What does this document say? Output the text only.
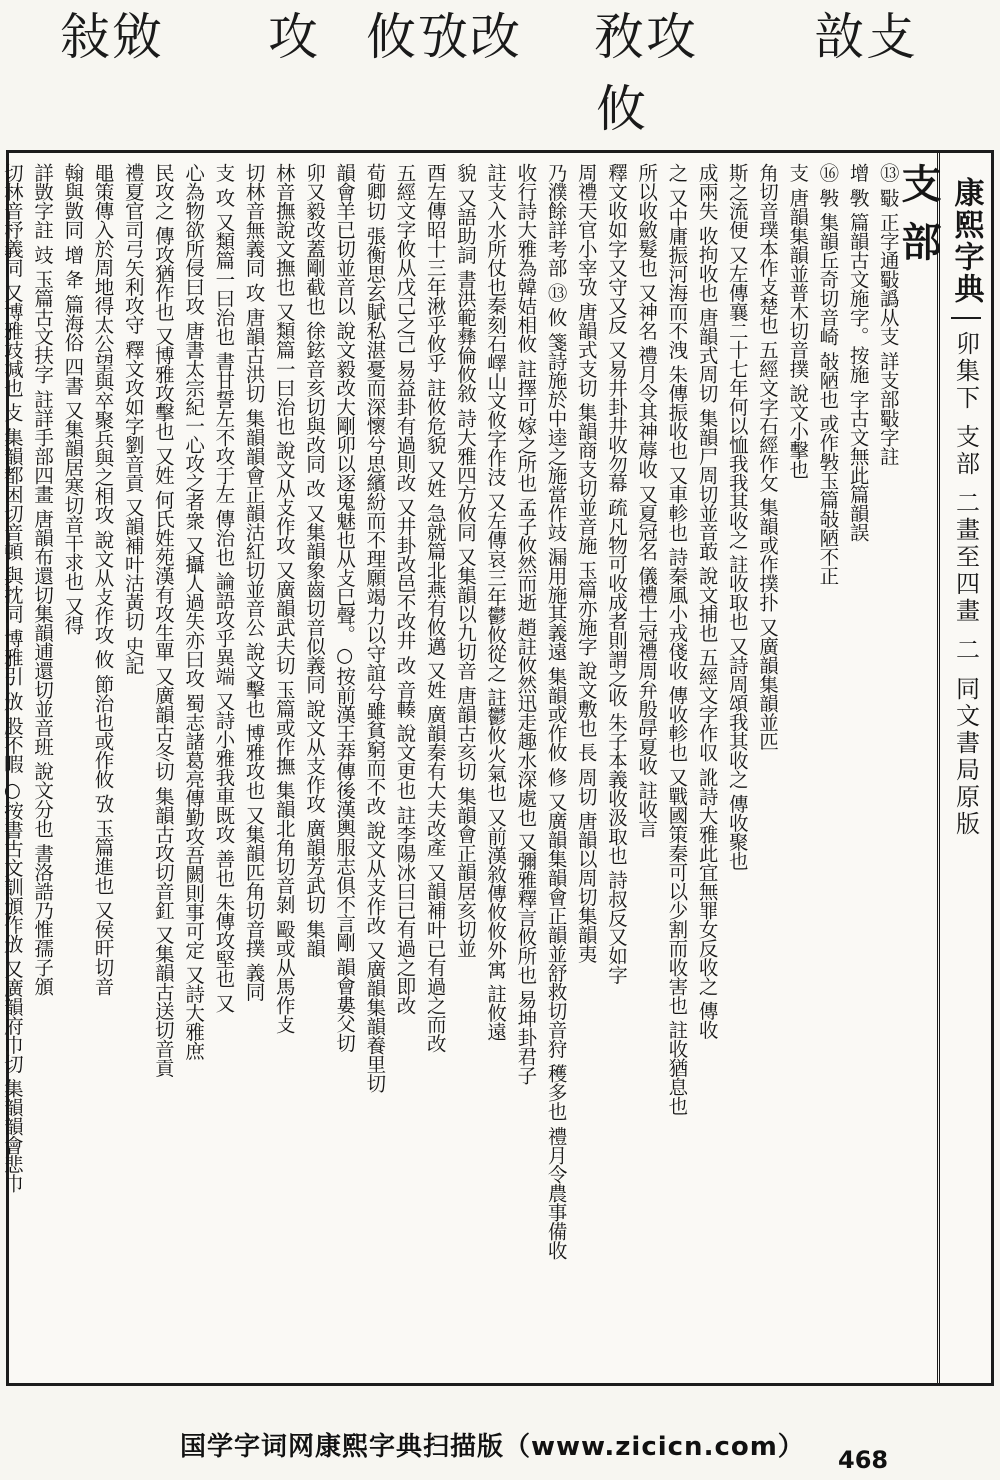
敍敓 攻 攸攷改 敄攻 敨攴
攸
康熙字典
卯集下
支部
二畫至四畫
二
同文書局原版
支部
⑬ 斀 正字通斀譌从支 詳支部斀字註
增 斆 篇韻古文施字。按施 字古文無此篇韻誤
⑯ 斅 集韻丘奇切音崎 敧陋也 或作斅玉篇敧陋不正
支 唐韻集韻並普木切音撲 說文小擊也
角切音璞本作攴楚也 五經文字石經作攵 集韻或作撲扑 又廣韻集韻並匹
斯之流便 又左傳襄二十七年何以恤我我其收之 註收取也 又詩周頌我其收之 傳收聚也
成兩失 收拘收也 唐韻式周切 集韻尸周切並音菆 說文捕也 五經文字作収 訛詩大雅此宜無罪女反收之 傳收
之 又中庸振河海而不洩 朱傳振收也 又車軫也 詩秦風小戎俴收 傳收軫也 又戰國策秦可以少割而收害也 註收猶息也
所以收斂髮也 又神名 禮月令其神蓐收 又夏冠名 儀禮士冠禮周弁殷冔夏收 註收言
釋文收如字又守又反 又易井卦井收勿幕 疏凡物可收成者則謂之收 朱子本義收汲取也 詩叔反又如字
周禮天官小宰攷 唐韻式支切 集韻商支切並音施 玉篇亦施字 說文敷也 長 周切 唐韻以周切集韻夷
乃濮餘詳考部 ⑬ 攸 箋詩施於中逵之施當作攱 漏用施其義遠 集韻或作攸 修 又廣韻集韻會正韻並舒救切音狩 穫多也 禮月令農事備收
收行詩大雅為韓姞相攸 註擇可嫁之所也 孟子攸然而逝 趙註攸然迅走趣水深處也 又彌雅釋言攸所也 易坤卦君子
註支入水所仗也秦刻石嶧山文攸字作汥 又左傳哀三年鬱攸從之 註鬱攸火氣也 又前漢敘傳攸攸外寓 註攸遠
貌 又語助詞 書洪範彝倫攸敘 詩大雅四方攸同 又集韻以九切音 唐韻古亥切 集韻會正韻居亥切並
酉左傳昭十三年湫乎攸乎 註攸危貌 又姓 急就篇北燕有攸邁 又姓 廣韻秦有大夫改產 又韻補叶已有過之而改
五經文字攸从戊己之己 易益卦有過則改 又井卦改邑不改井 改 音輳 說文更也 註李陽冰曰已有過之即改
荀卿切 張衡思玄賦私湛憂而深懷兮思繽紛而不理願竭力以守誼兮雖貧窮而不改 說文从支作改 又廣韻集韻養里切
韻會羊已切並音以 說文毅改大剛卯以逐鬼魅也从攴巳聲。○按前漢王莽傳後漢輿服志俱不言剛 韻會婁父切
卯又毅改蓋剛截也 徐鉉音亥切與改同 改 又集韻象齒切音似義同 說文从支作攻 廣韻芳武切 集韻
林音撫說文撫也 又類篇一曰治也 說文从攴作攻 又廣韻武夫切 玉篇或作撫 集韻北角切音剝 毆或从馬作攴
切林音無義同 攻 唐韻古洪切 集韻韻會正韻沽紅切並音公 說文擊也 博雅攻也 又集韻匹角切音撲 義同
支 攻 又類篇一曰治也 書甘誓左不攻于左 傳治也 論語攻乎異端 又詩小雅我車既攻 善也 朱傳攻堅也 又
心為物欲所侵曰攻 唐書太宗紀一心攻之者衆 又攝人過失亦曰攻 蜀志諸葛亮傳勤攻吾闕則事可定 又詩大雅庶
民攻之 傳攻猶作也 又博雅攻擊也 又姓 何氏姓苑漢有攻生單 又廣韻古冬切 集韻古攻切音釭 又集韻古送切音貢
禮夏官司弓矢利攻守 釋文攻如字劉音貢 又韻補叶沽黃切 史記
黽策傳入於周地得太公望與卒聚兵與之相攻 說文从攴作攻 攸 節治也或作攸 攷 玉篇進也 又侯旰切音
翰與敳同 增 夅 篇海俗 四書 又集韻居寒切音干求也 又得
詳敳字註 攱 玉篇古文扶字 註詳手部四畫 唐韻布還切集韻逋還切並音班 說文分也 書洛誥乃惟孺子頒
切林音杼義同 又博雅攱減也 攴 集韻都困切音頓 與抌同 博雅引 攽 股不暇 ○按書古文訓頒作攽 又廣韻府巾切 集韻韻會悲巾
国学字词网康熙字典扫描版（www.zicicn.com） 468
